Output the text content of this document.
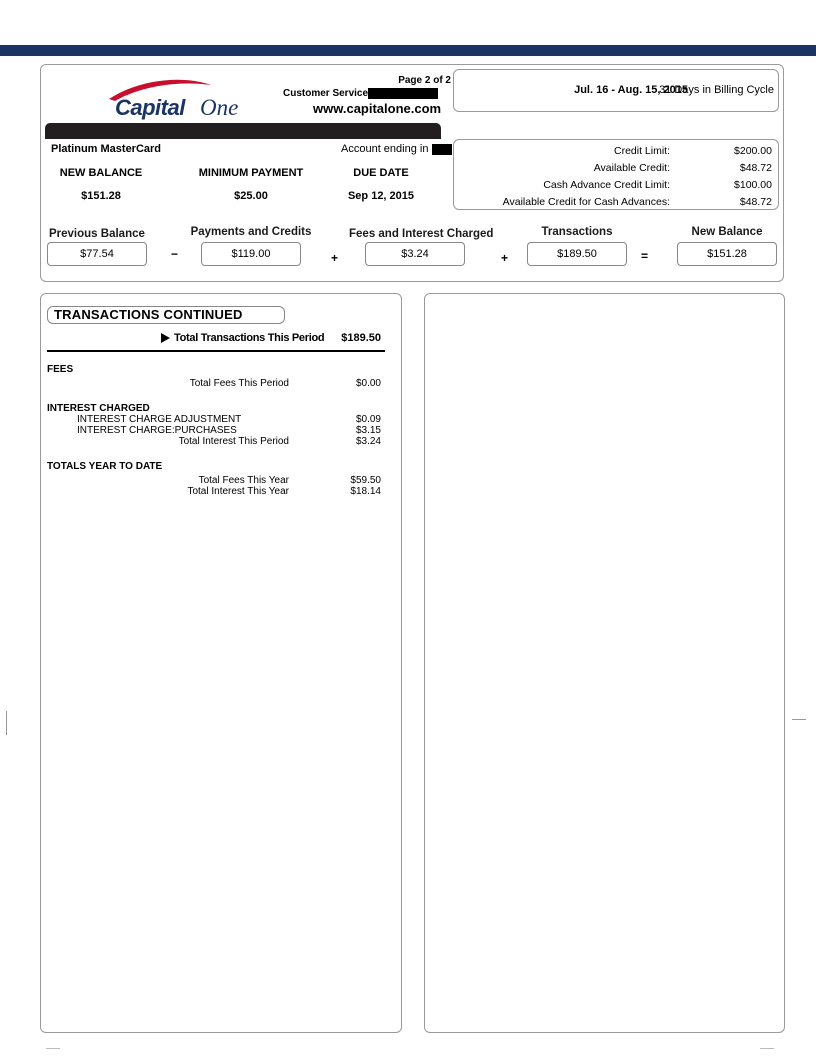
Capital One
Page 2 of 2
Customer Service
www.capitalone.com
Jul. 16 - Aug. 15, 2015
31 Days in Billing Cycle
Platinum MasterCard	Account ending in
NEW BALANCE	MINIMUM PAYMENT	DUE DATE
$151.28	$25.00	Sep 12, 2015
Credit Limit:	$200.00
Available Credit:	$48.72
Cash Advance Credit Limit:	$100.00
Available Credit for Cash Advances:	$48.72
Previous Balance
$77.54	−
Payments and Credits
$119.00	+
Fees and Interest Charged
$3.24	+
Transactions
$189.50	=
New Balance
$151.28
TRANSACTIONS CONTINUED
Total Transactions This Period	$189.50
FEES
Total Fees This Period	$0.00
INTEREST CHARGED
INTEREST CHARGE ADJUSTMENT	$0.09
INTEREST CHARGE:PURCHASES	$3.15
Total Interest This Period	$3.24
TOTALS YEAR TO DATE
Total Fees This Year	$59.50
Total Interest This Year	$18.14
